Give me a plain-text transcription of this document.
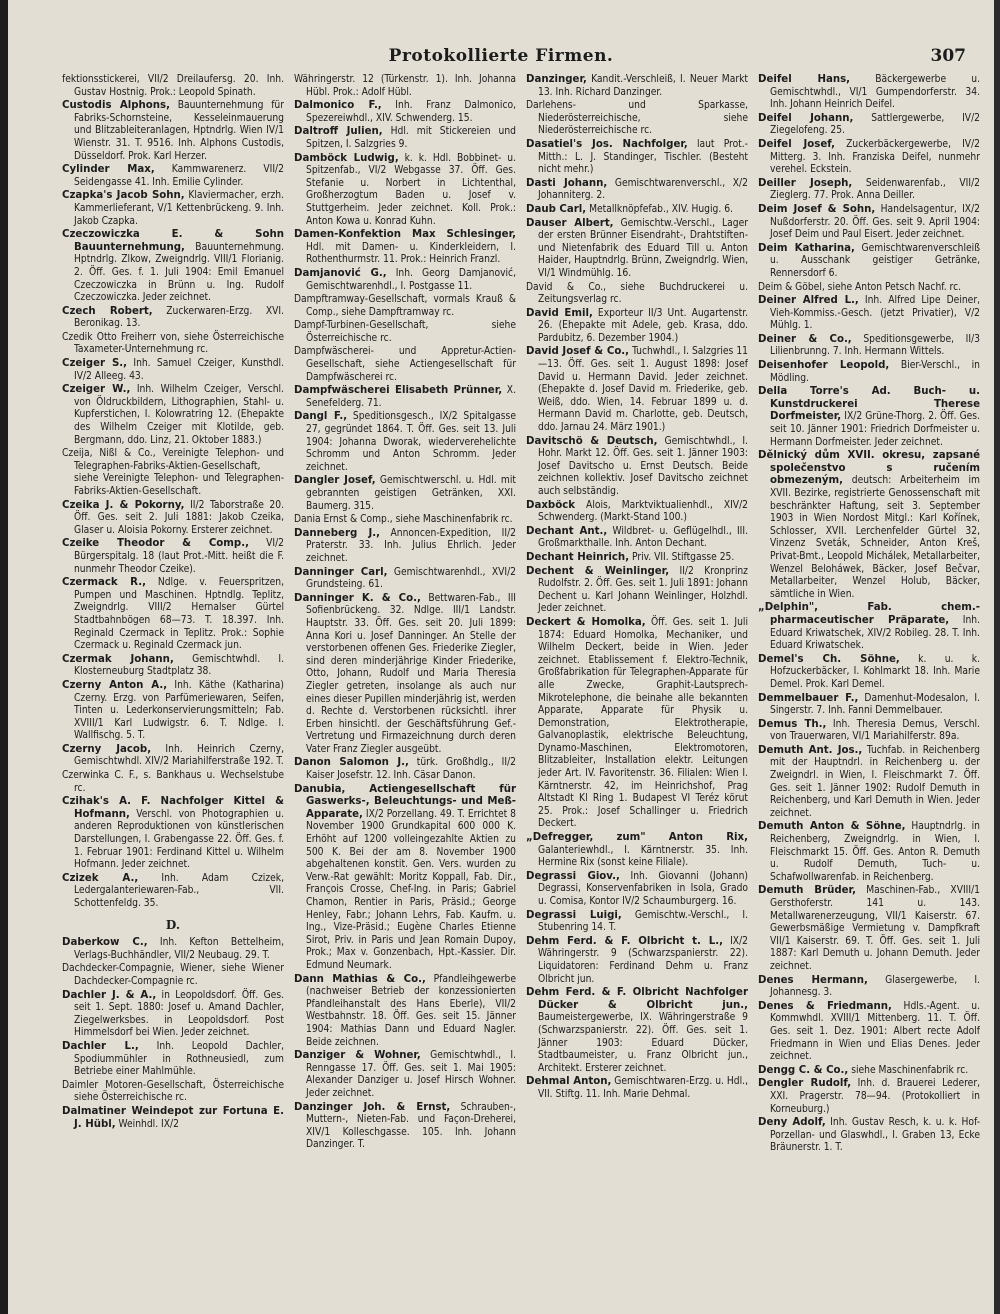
Protokollierte Firmen.	307
fektionsstickerei, VII/2 Dreilaufersg. 20. Inh. Gustav Hostnig. Prok.: Leopold Spinath.
Custodis Alphons, Bauunternehmung für Fabriks-Schornsteine, Kesseleinmauerung und Blitzableiteranlagen, Hptndrlg. Wien IV/1 Wienstr. 31. T. 9516. Inh. Alphons Custodis, Düsseldorf. Prok. Karl Herzer.
Cylinder Max, Kammwarenerz. VII/2 Seidengasse 41. Inh. Emilie Cylinder.
Czapka's Jacob Sohn, Klaviermacher, erzh. Kammerlieferant, V/1 Kettenbrückeng. 9. Inh. Jakob Czapka.
Czeczowiczka E. & Sohn Bauunternehmung, Bauunternehmung. Hptndrlg. Zlkow, Zweigndrlg. VIII/1 Florianig. 2. Öff. Ges. f. 1. Juli 1904: Emil Emanuel Czeczowiczka in Brünn u. Ing. Rudolf Czeczowiczka. Jeder zeichnet.
Czech Robert, Zuckerwaren-Erzg. XVI. Beronikag. 13.
Czedik Otto Freiherr von, siehe Österreichische Taxameter-Unternehmung rc.
Czeiger S., Inh. Samuel Czeiger, Kunsthdl. IV/2 Alleeg. 43.
Czeiger W., Inh. Wilhelm Czeiger, Verschl. von Öldruckbildern, Lithographien, Stahl- u. Kupferstichen, I. Kolowratring 12. (Ehepakte des Wilhelm Czeiger mit Klotilde, geb. Bergmann, ddo. Linz, 21. Oktober 1883.)
Czeija, Nißl & Co., Vereinigte Telephon- und Telegraphen-Fabriks-Aktien-Gesellschaft, siehe Vereinigte Telephon- und Telegraphen-Fabriks-Aktien-Gesellschaft.
Czeika J. & Pokorny, II/2 Taborstraße 20. Öff. Ges. seit 2. Juli 1881: Jakob Czeika, Glaser u. Aloisia Pokorny. Ersterer zeichnet.
Czeike Theodor & Comp., VI/2 Bürgerspitalg. 18 (laut Prot.-Mitt. heißt die F. nunmehr Theodor Czeike).
Czermack R., Ndlge. v. Feuerspritzen, Pumpen und Maschinen. Hptndlg. Teplitz, Zweigndrlg. VIII/2 Hernalser Gürtel Stadtbahnbögen 68—73. T. 18.397. Inh. Reginald Czermack in Teplitz. Prok.: Sophie Czermack u. Reginald Czermack jun.
Czermak Johann, Gemischtwhdl. I. Klosterneuburg Stadtplatz 38.
Czerny Anton A., Inh. Käthe (Katharina) Czerny. Erzg. von Parfümeriewaren, Seifen, Tinten u. Lederkonservierungsmitteln; Fab. XVIII/1 Karl Ludwigstr. 6. T. Ndlge. I. Wallfischg. 5. T.
Czerny Jacob, Inh. Heinrich Czerny, Gemischtwhdl. XIV/2 Mariahilferstraße 192. T.
Czerwinka C. F., s. Bankhaus u. Wechselstube rc.
Czihak's A. F. Nachfolger Kittel & Hofmann, Verschl. von Photographien u. anderen Reproduktionen von künstlerischen Darstellungen, I. Grabengasse 22. Öff. Ges. f. 1. Februar 1901: Ferdinand Kittel u. Wilhelm Hofmann. Jeder zeichnet.
Czizek A., Inh. Adam Czizek, Ledergalanteriewaren-Fab., VII. Schottenfeldg. 35.
D.
Daberkow C., Inh. Kefton Bettelheim, Verlags-Buchhändler, VII/2 Neubaug. 29. T.
Dachdecker-Compagnie, Wiener, siehe Wiener Dachdecker-Compagnie rc.
Dachler J. & A., in Leopoldsdorf. Öff. Ges. seit 1. Sept. 1880: Josef u. Amand Dachler, Ziegelwerksbes. in Leopoldsdorf. Post Himmelsdorf bei Wien. Jeder zeichnet.
Dachler L., Inh. Leopold Dachler, Spodiummühler in Rothneusiedl, zum Betriebe einer Mahlmühle.
Daimler Motoren-Gesellschaft, Österreichische siehe Österreichische rc.
Dalmatiner Weindepot zur Fortuna E. J. Hübl, Weinhdl. IX/2
Währingerstr. 12 (Türkenstr. 1). Inh. Johanna Hübl. Prok.: Adolf Hübl.
Dalmonico F., Inh. Franz Dalmonico, Spezereiwhdl., XIV. Schwenderg. 15.
Daltroff Julien, Hdl. mit Stickereien und Spitzen, I. Salzgries 9.
Damböck Ludwig, k. k. Hdl. Bobbinet- u. Spitzenfab., VI/2 Webgasse 37. Öff. Ges. Stefanie u. Norbert in Lichtenthal, Großherzogtum Baden u. Josef v. Stuttgerheim. Jeder zeichnet. Koll. Prok.: Anton Kowa u. Konrad Kuhn.
Damen-Konfektion Max Schlesinger, Hdl. mit Damen- u. Kinderkleidern, I. Rothenthurmstr. 11. Prok.: Heinrich Franzl.
Damjanović G., Inh. Georg Damjanović, Gemischtwarenhdl., I. Postgasse 11.
Dampftramway-Gesellschaft, vormals Krauß & Comp., siehe Dampftramway rc.
Dampf-Turbinen-Gesellschaft, siehe Österreichische rc.
Dampfwäscherei- und Appretur-Actien-Gesellschaft, siehe Actiengesellschaft für Dampfwäscherei rc.
Dampfwäscherei Elisabeth Prünner, X. Senefelderg. 71.
Dangl F., Speditionsgesch., IX/2 Spitalgasse 27, gegründet 1864. T. Öff. Ges. seit 13. Juli 1904: Johanna Dworak, wiederverehelichte Schromm und Anton Schromm. Jeder zeichnet.
Dangler Josef, Gemischtwerschl. u. Hdl. mit gebrannten geistigen Getränken, XXI. Baumerg. 315.
Dania Ernst & Comp., siehe Maschinenfabrik rc.
Danneberg J., Annoncen-Expedition, II/2 Praterstr. 33. Inh. Julius Ehrlich. Jeder zeichnet.
Danninger Carl, Gemischtwarenhdl., XVI/2 Grundsteing. 61.
Danninger K. & Co., Bettwaren-Fab., III Sofienbrückeng. 32. Ndlge. III/1 Landstr. Hauptstr. 33. Öff. Ges. seit 20. Juli 1899: Anna Kori u. Josef Danninger. An Stelle der verstorbenen offenen Ges. Friederike Ziegler, sind deren minderjährige Kinder Friederike, Otto, Johann, Rudolf und Maria Theresia Ziegler getreten, insolange als auch nur eines dieser Pupillen minderjährig ist, werden d. Rechte d. Verstorbenen rücksichtl. ihrer Erben hinsichtl. der Geschäftsführung Gef.-Vertretung und Firmazeichnung durch deren Vater Franz Ziegler ausgeübt.
Danon Salomon J., türk. Großhdlg., II/2 Kaiser Josefstr. 12. Inh. Cäsar Danon.
Danubia, Actiengesellschaft für Gaswerks-, Beleuchtungs- und Meß-Apparate, IX/2 Porzellang. 49. T. Errichtet 8 November 1900 Grundkapital 600 000 K. Erhöht auf 1200 volleingezahlte Aktien zu 500 K. Bei der am 8. November 1900 abgehaltenen konstit. Gen. Vers. wurden zu Verw.-Rat gewählt: Moritz Koppall, Fab. Dir., François Crosse, Chef-Ing. in Paris; Gabriel Chamon, Rentier in Paris, Präsid.; George Henley, Fabr.; Johann Lehrs, Fab. Kaufm. u. Ing., Vize-Präsid.; Eugène Charles Etienne Sirot, Priv. in Paris und Jean Romain Dupoy, Prok.; Max v. Gonzenbach, Hpt.-Kassier. Dir. Edmund Neumark.
Dann Mathias & Co., Pfandleihgewerbe (nachweiser Betrieb der konzessionierten Pfandleihanstalt des Hans Eberle), VII/2 Westbahnstr. 18. Öff. Ges. seit 15. Jänner 1904: Mathias Dann und Eduard Nagler. Beide zeichnen.
Danziger & Wohner, Gemischtwhdl., I. Renngasse 17. Öff. Ges. seit 1. Mai 1905: Alexander Danziger u. Josef Hirsch Wohner. Jeder zeichnet.
Danzinger Joh. & Ernst, Schrauben-, Muttern-, Nieten-Fab. und Façon-Dreherei, XIV/1 Kolleschgasse. 105. Inh. Johann Danzinger. T.
Danzinger, Kandit.-Verschleiß, I. Neuer Markt 13. Inh. Richard Danzinger.
Darlehens- und Sparkasse, Niederösterreichische, siehe Niederösterreichische rc.
Dasatiel's Jos. Nachfolger, laut Prot.-Mitth.: L. J. Standinger, Tischler. (Besteht nicht mehr.)
Dasti Johann, Gemischtwarenverschl., X/2 Johanniterg. 2.
Daub Carl, Metallknöpfefab., XIV. Hugig. 6.
Dauser Albert, Gemischtw.-Verschl., Lager der ersten Brünner Eisendraht-, Drahtstiften- und Nietenfabrik des Eduard Till u. Anton Haider, Hauptndrlg. Brünn, Zweigndrlg. Wien, VI/1 Windmühlg. 16.
David & Co., siehe Buchdruckerei u. Zeitungsverlag rc.
David Emil, Exporteur II/3 Unt. Augartenstr. 26. (Ehepakte mit Adele, geb. Krasa, ddo. Pardubitz, 6. Dezember 1904.)
David Josef & Co., Tuchwhdl., I. Salzgries 11—13. Öff. Ges. seit 1. August 1898: Josef David u. Hermann David. Jeder zeichnet. (Ehepakte d. Josef David m. Friederike, geb. Weiß, ddo. Wien, 14. Februar 1899 u. d. Hermann David m. Charlotte, geb. Deutsch, ddo. Jarnau 24. März 1901.)
Davitschö & Deutsch, Gemischtwhdl., I. Hohr. Markt 12. Öff. Ges. seit 1. Jänner 1903: Josef Davitscho u. Ernst Deutsch. Beide zeichnen kollektiv. Josef Davitscho zeichnet auch selbständig.
Daxböck Alois, Marktviktualienhdl., XIV/2 Schwenderg. (Markt-Stand 100.)
Dechant Ant., Wildbret- u. Geflügelhdl., III. Großmarkthalle. Inh. Anton Dechant.
Dechant Heinrich, Priv. VII. Stiftgasse 25.
Dechent & Weinlinger, II/2 Kronprinz Rudolfstr. 2. Öff. Ges. seit 1. Juli 1891: Johann Dechent u. Karl Johann Weinlinger, Holzhdl. Jeder zeichnet.
Deckert & Homolka, Öff. Ges. seit 1. Juli 1874: Eduard Homolka, Mechaniker, und Wilhelm Deckert, beide in Wien. Jeder zeichnet. Etablissement f. Elektro-Technik, Großfabrikation für Telegraphen-Apparate für alle Zwecke, Graphit-Lautsprech-Mikrotelephone, die beinahe alle bekannten Apparate, Apparate für Physik u. Demonstration, Elektrotherapie, Galvanoplastik, elektrische Beleuchtung, Dynamo-Maschinen, Elektromotoren, Blitzableiter, Installation elektr. Leitungen jeder Art. IV. Favoritenstr. 36. Filialen: Wien I. Kärntnerstr. 42, im Heinrichshof, Prag Altstadt Kl Ring 1. Budapest VI Teréz körut 25. Prok.: Josef Schallinger u. Friedrich Deckert.
„Defregger, zum" Anton Rix, Galanteriewhdl., I. Kärntnerstr. 35. Inh. Hermine Rix (sonst keine Filiale).
Degrassi Giov., Inh. Giovanni (Johann) Degrassi, Konservenfabriken in Isola, Grado u. Comisa, Kontor IV/2 Schaumburgerg. 16.
Degrassi Luigi, Gemischtw.-Verschl., I. Stubenring 14. T.
Dehm Ferd. & F. Olbricht t. L., IX/2 Währingerstr. 9 (Schwarzspanierstr. 22). Liquidatoren: Ferdinand Dehm u. Franz Olbricht jun.
Dehm Ferd. & F. Olbricht Nachfolger Dücker & Olbricht jun., Baumeistergewerbe, IX. Währingerstraße 9 (Schwarzspanierstr. 22). Öff. Ges. seit 1. Jänner 1903: Eduard Dücker, Stadtbaumeister, u. Franz Olbricht jun., Architekt. Ersterer zeichnet.
Dehmal Anton, Gemischtwaren-Erzg. u. Hdl., VII. Stiftg. 11. Inh. Marie Dehmal.
Deifel Hans, Bäckergewerbe u. Gemischtwhdl., VI/1 Gumpendorferstr. 34. Inh. Johann Heinrich Deifel.
Deifel Johann, Sattlergewerbe, IV/2 Ziegelofeng. 25.
Deifel Josef, Zuckerbäckergewerbe, IV/2 Mitterg. 3. Inh. Franziska Deifel, nunmehr verehel. Eckstein.
Deiller Joseph, Seidenwarenfab., VII/2 Zieglerg. 77. Prok. Anna Deiller.
Deim Josef & Sohn, Handelsagentur, IX/2 Nußdorferstr. 20. Öff. Ges. seit 9. April 1904: Josef Deim und Paul Eisert. Jeder zeichnet.
Deim Katharina, Gemischtwarenverschleiß u. Ausschank geistiger Getränke, Rennersdorf 6.
Deim & Göbel, siehe Anton Petsch Nachf. rc.
Deiner Alfred L., Inh. Alfred Lipe Deiner, Vieh-Kommiss.-Gesch. (jetzt Privatier), V/2 Mühlg. 1.
Deiner & Co., Speditionsgewerbe, II/3 Lilienbrunng. 7. Inh. Hermann Wittels.
Deisenhofer Leopold, Bier-Verschl., in Mödling.
Della Torre's Ad. Buch- u. Kunstdruckerei Therese Dorfmeister, IX/2 Grüne-Thorg. 2. Öff. Ges. seit 10. Jänner 1901: Friedrich Dorfmeister u. Hermann Dorfmeister. Jeder zeichnet.
Dělnický dům XVII. okresu, zapsané společenstvo s ručením obmezeným, deutsch: Arbeiterheim im XVII. Bezirke, registrierte Genossenschaft mit beschränkter Haftung, seit 3. September 1903 in Wien Nordost Mitgl.: Karl Kořínek, Schlosser, XVII. Lerchenfelder Gürtel 32, Vinzenz Sveták, Schneider, Anton Kreš, Privat-Bmt., Leopold Michálek, Metallarbeiter, Wenzel Beloháwek, Bäcker, Josef Bečvar, Metallarbeiter, Wenzel Holub, Bäcker, sämtliche in Wien.
„Delphin", Fab. chem.-pharmaceutischer Präparate, Inh. Eduard Kriwatschek, XIV/2 Robileg. 28. T. Inh. Eduard Kriwatschek.
Demel's Ch. Söhne, k. u. k. Hofzuckerbäcker, I. Kohlmarkt 18. Inh. Marie Demel. Prok. Karl Demel.
Demmelbauer F., Damenhut-Modesalon, I. Singerstr. 7. Inh. Fanni Demmelbauer.
Demus Th., Inh. Theresia Demus, Verschl. von Trauerwaren, VI/1 Mariahilferstr. 89a.
Demuth Ant. Jos., Tuchfab. in Reichenberg mit der Hauptndrl. in Reichenberg u. der Zweigndrl. in Wien, I. Fleischmarkt 7. Öff. Ges. seit 1. Jänner 1902: Rudolf Demuth in Reichenberg, und Karl Demuth in Wien. Jeder zeichnet.
Demuth Anton & Söhne, Hauptndrlg. in Reichenberg, Zweigndrlg. in Wien, I. Fleischmarkt 15. Öff. Ges. Anton R. Demuth u. Rudolf Demuth, Tuch- u. Schafwollwarenfab. in Reichenberg.
Demuth Brüder, Maschinen-Fab., XVIII/1 Gersthoferstr. 141 u. 143. Metallwarenerzeugung, VII/1 Kaiserstr. 67. Gewerbsmäßige Vermietung v. Dampfkraft VII/1 Kaiserstr. 69. T. Öff. Ges. seit 1. Juli 1887: Karl Demuth u. Johann Demuth. Jeder zeichnet.
Denes Hermann, Glasergewerbe, I. Johannesg. 3.
Denes & Friedmann, Hdls.-Agent. u. Kommwhdl. XVIII/1 Mittenberg. 11. T. Öff. Ges. seit 1. Dez. 1901: Albert recte Adolf Friedmann in Wien und Elias Denes. Jeder zeichnet.
Dengg C. & Co., siehe Maschinenfabrik rc.
Dengler Rudolf, Inh. d. Brauerei Lederer, XXI. Pragerstr. 78—94. (Protokolliert in Korneuburg.)
Deny Adolf, Inh. Gustav Resch, k. u. k. Hof-Porzellan- und Glaswhdl., I. Graben 13, Ecke Bräunerstr. 1. T.
